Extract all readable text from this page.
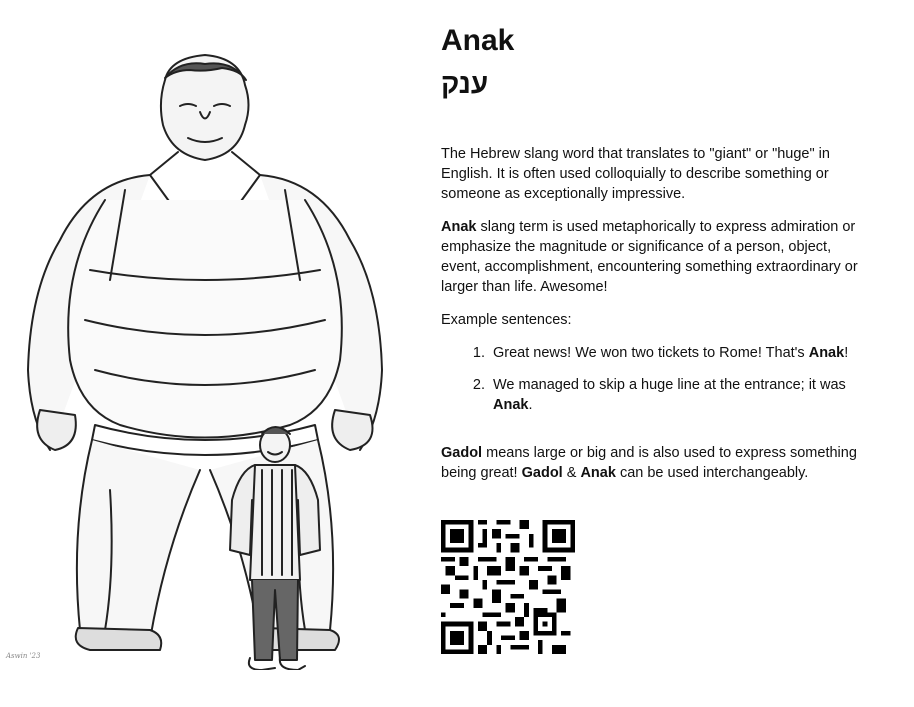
Aswin '23
Anak
ענק

The Hebrew slang word that translates to "giant" or "huge" in English. It is often used colloquially to describe something or someone as exceptionally impressive.

Anak slang term is used metaphorically to express admiration or emphasize the magnitude or significance of a person, object, event, accomplishment, encountering something extraordinary or larger than life. Awesome!

Example sentences:

1. Great news! We won two tickets to Rome! That's Anak!
2. We managed to skip a huge line at the entrance; it was Anak.

Gadol means large or big and is also used to express something being great! Gadol & Anak can be used interchangeably.
